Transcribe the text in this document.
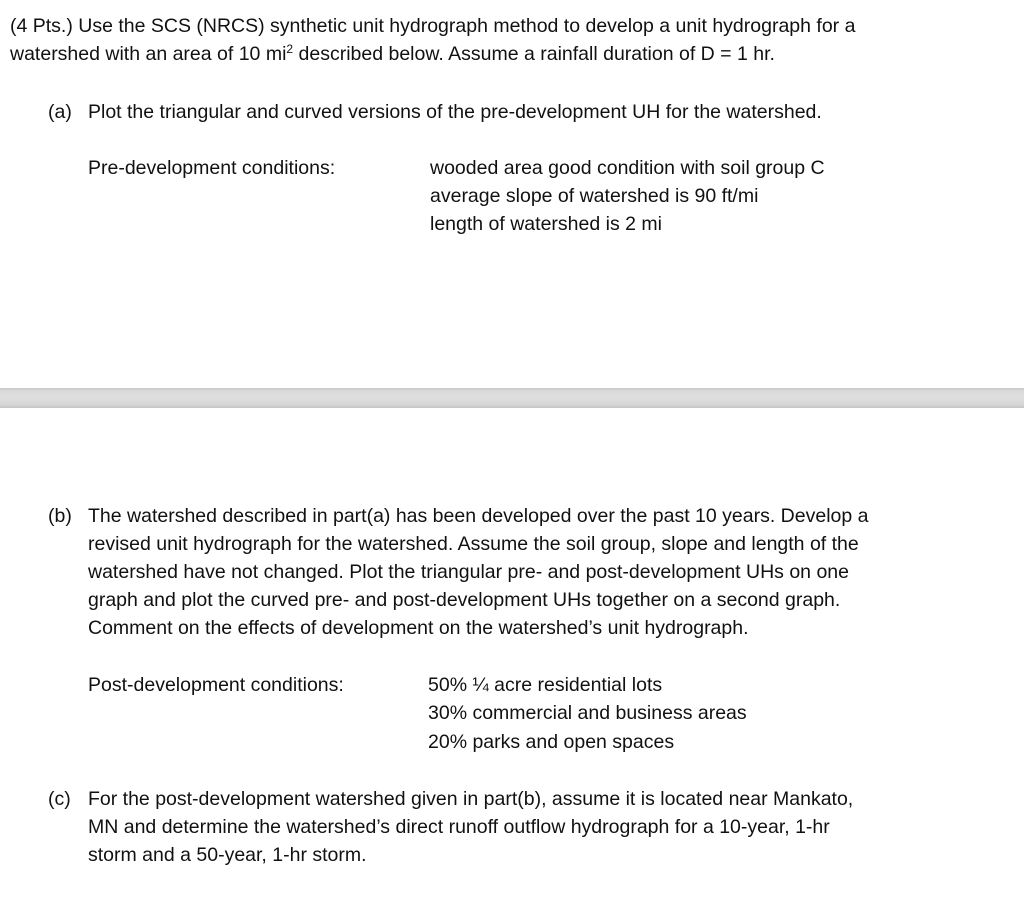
(4 Pts.) Use the SCS (NRCS) synthetic unit hydrograph method to develop a unit hydrograph for a
watershed with an area of 10 $mi^2$ described below. Assume a rainfall duration of D = 1 hr.
(a) Plot the triangular and curved versions of the pre-development UH for the watershed.
Pre-development conditions:	wooded area good condition with soil group C
average slope of watershed is 90 ft/mi
length of watershed is 2 mi
(b) The watershed described in part(a) has been developed over the past 10 years. Develop a
revised unit hydrograph for the watershed. Assume the soil group, slope and length of the
watershed have not changed. Plot the triangular pre- and post-development UHs on one
graph and plot the curved pre- and post-development UHs together on a second graph.
Comment on the effects of development on the watershed’s unit hydrograph.
Post-development conditions:	50% ¼ acre residential lots
30% commercial and business areas
20% parks and open spaces
(c) For the post-development watershed given in part(b), assume it is located near Mankato,
MN and determine the watershed’s direct runoff outflow hydrograph for a 10-year, 1-hr
storm and a 50-year, 1-hr storm.
